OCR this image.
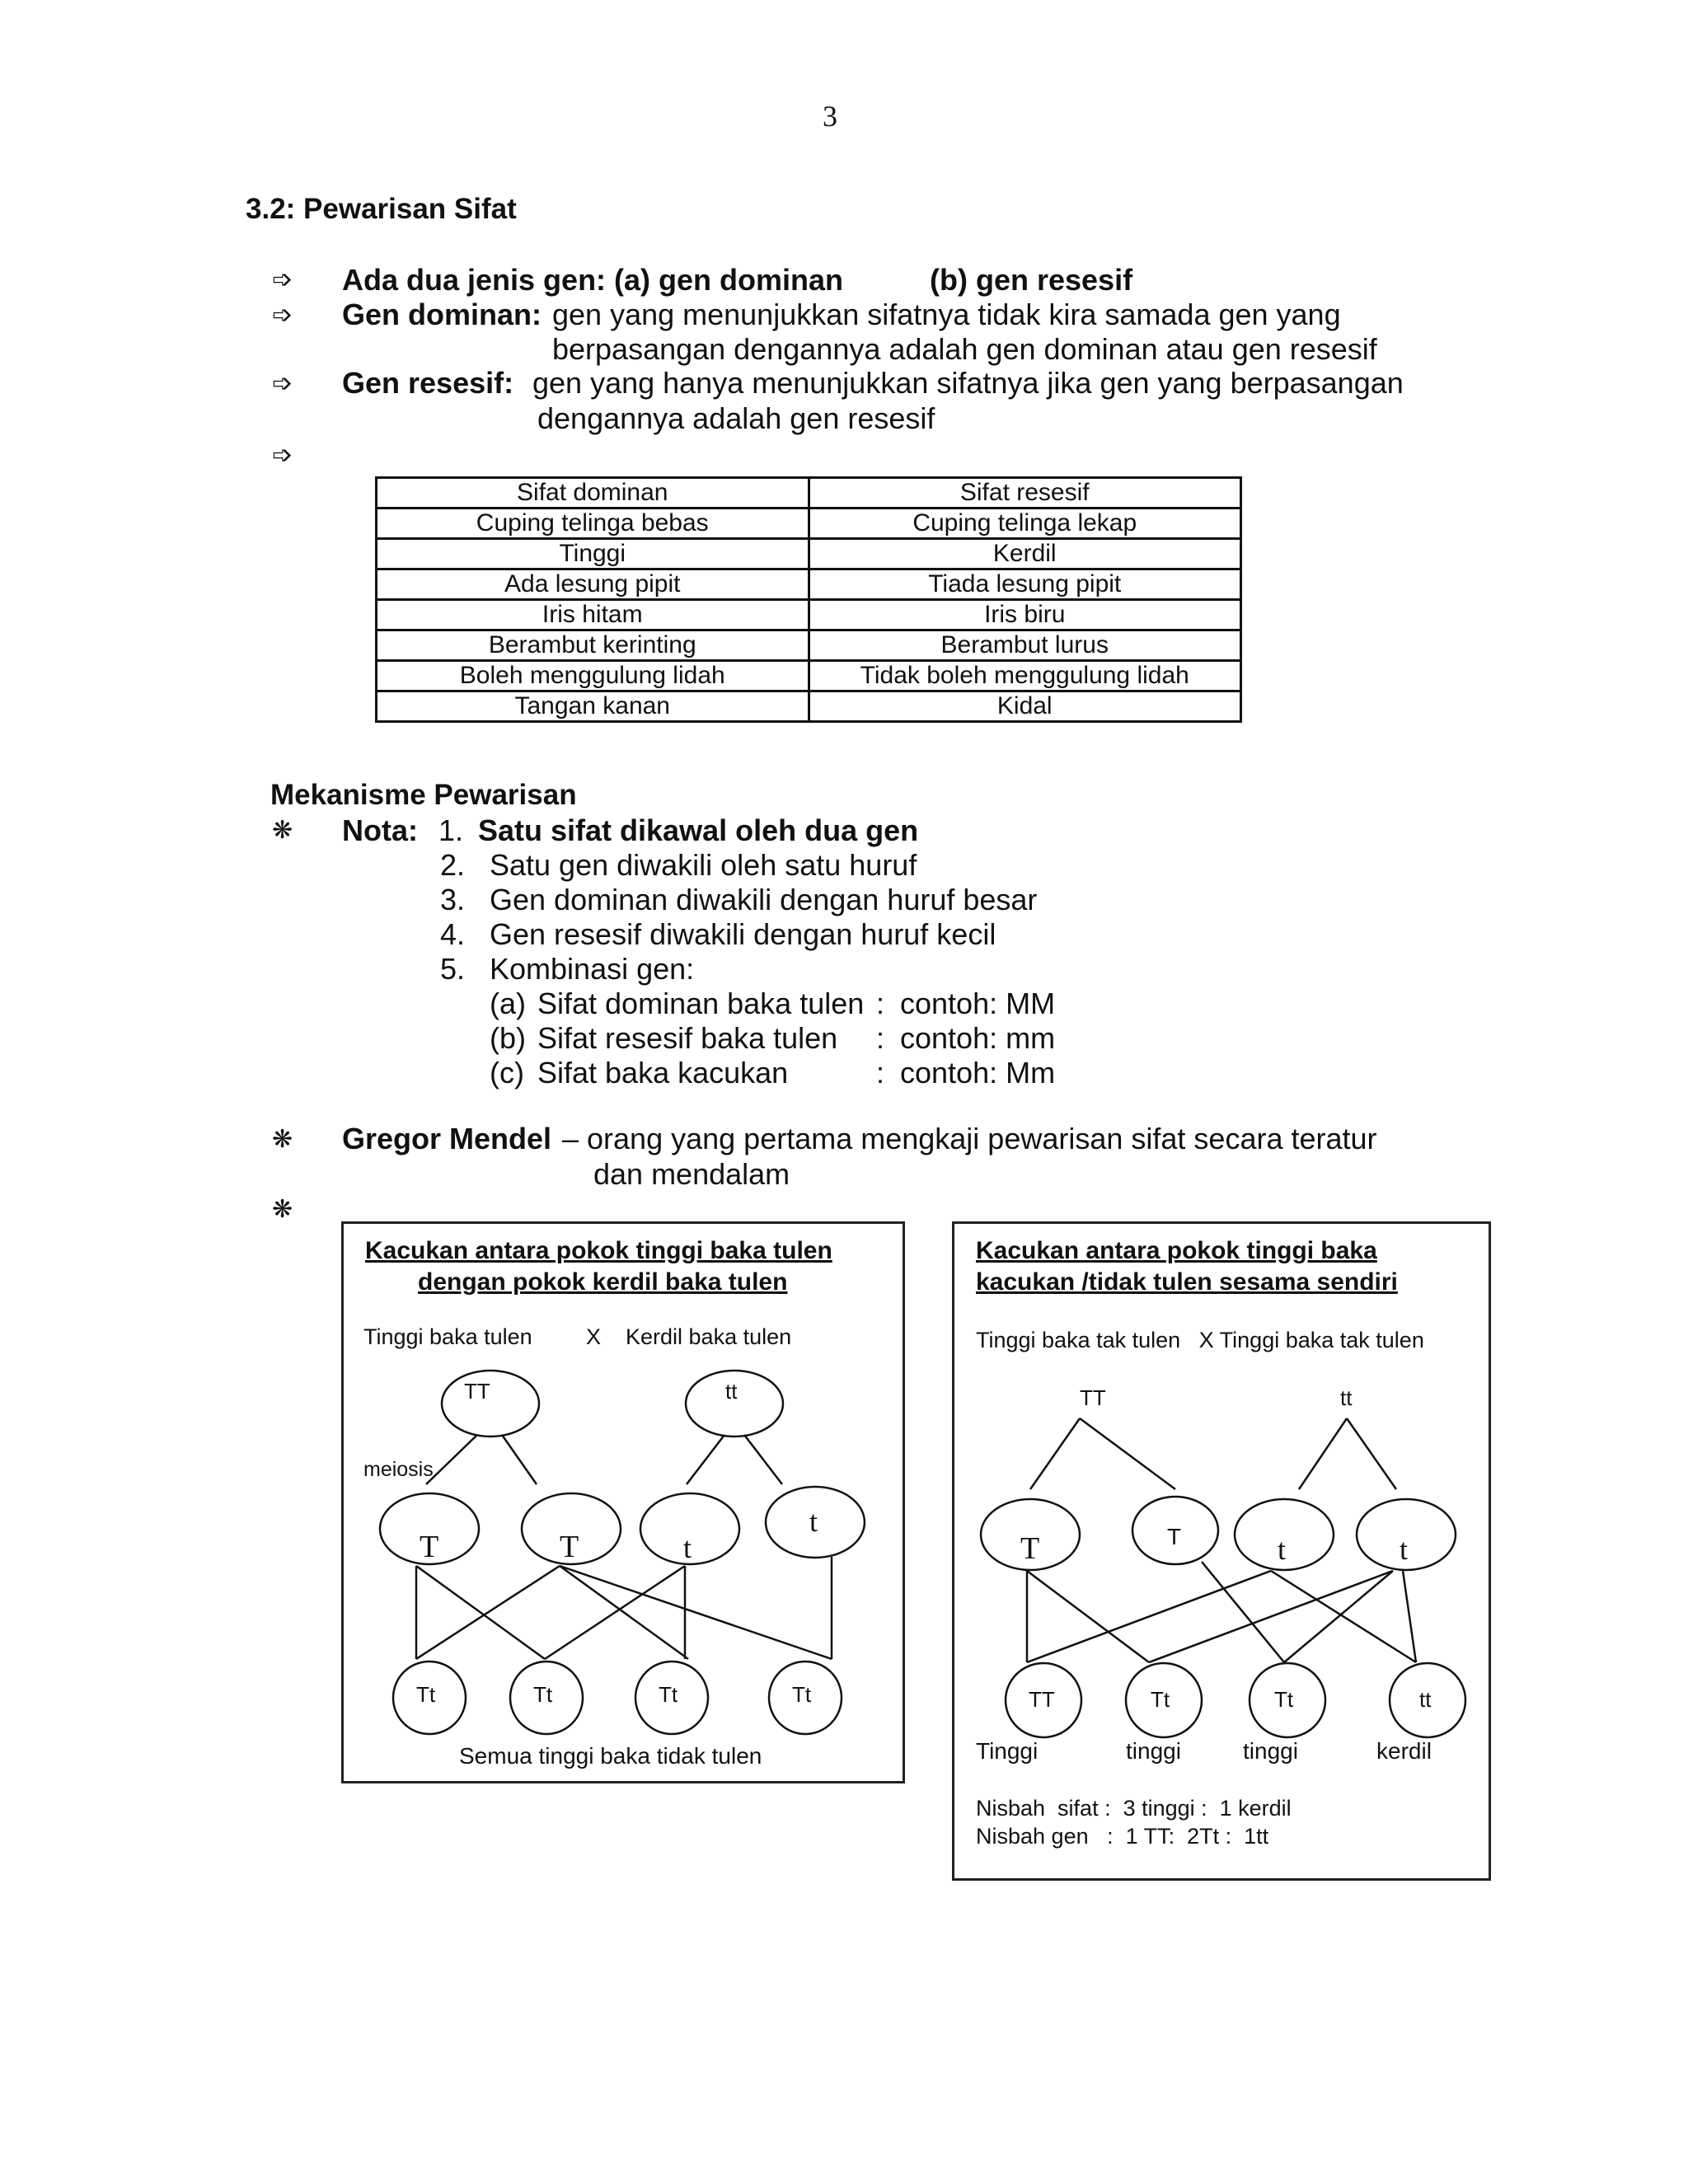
3
3.2: Pewarisan Sifat
➩ Ada dua jenis gen: (a) gen dominan	(b) gen resesif
➩ Gen dominan: gen yang menunjukkan sifatnya tidak kira samada gen yang
berpasangan dengannya adalah gen dominan atau gen resesif
➩ Gen resesif: gen yang hanya menunjukkan sifatnya jika gen yang berpasangan
dengannya adalah gen resesif
➩
Sifat dominan	Sifat resesif
Cuping telinga bebas	Cuping telinga lekap
Tinggi	Kerdil
Ada lesung pipit	Tiada lesung pipit
Iris hitam	Iris biru
Berambut kerinting	Berambut lurus
Boleh menggulung lidah	Tidak boleh menggulung lidah
Tangan kanan	Kidal
Mekanisme Pewarisan
❋ Nota: 1. Satu sifat dikawal oleh dua gen
2. Satu gen diwakili oleh satu huruf
3. Gen dominan diwakili dengan huruf besar
4. Gen resesif diwakili dengan huruf kecil
5. Kombinasi gen:
(a) Sifat dominan baka tulen : contoh: MM
(b) Sifat resesif baka tulen : contoh: mm
(c) Sifat baka kacukan	: contoh: Mm
❋ Gregor Mendel – orang yang pertama mengkaji pewarisan sifat secara teratur
dan mendalam
❋
Kacukan antara pokok tinggi baka tulen
dengan pokok kerdil baka tulen
Tinggi baka tulen X Kerdil baka tulen
TT	tt
meiosis
T	T	t
t
Tt	Tt	Tt	Tt
Semua tinggi baka tidak tulen
Kacukan antara pokok tinggi baka
kacukan /tidak tulen sesama sendiri
Tinggi baka tak tulen   X Tinggi baka tak tulen
TT	tt
T	T	t	t
TT	Tt	Tt	tt
Tinggi	tinggi	tinggi	kerdil
Nisbah  sifat :  3 tinggi :  1 kerdil
Nisbah gen   :  1 TT:  2Tt :  1tt
